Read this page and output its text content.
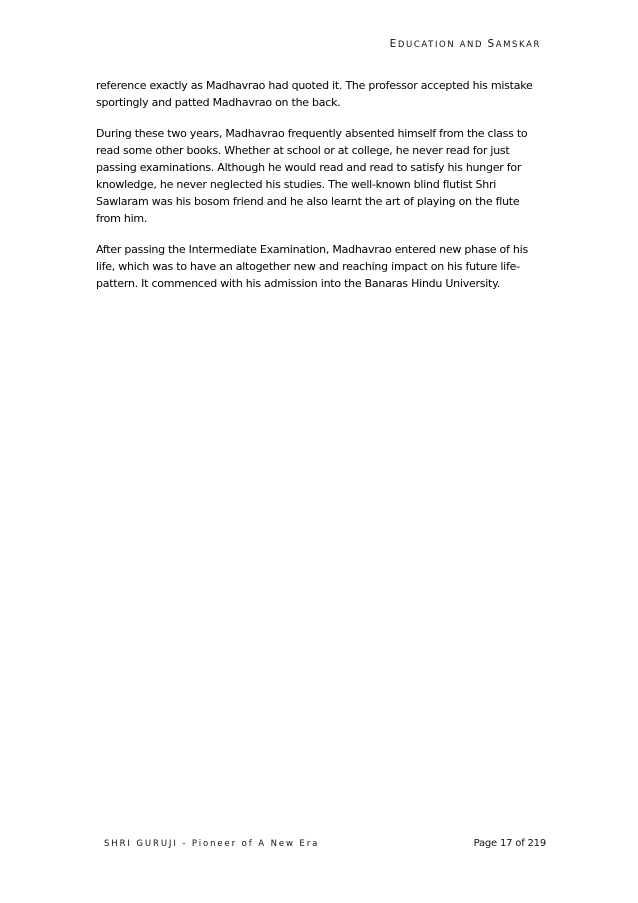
EDUCATION AND SAMSKAR

reference exactly as Madhavrao had quoted it. The professor accepted his mistake sportingly and patted Madhavrao on the back.

During these two years, Madhavrao frequently absented himself from the class to read some other books. Whether at school or at college, he never read for just passing examinations. Although he would read and read to satisfy his hunger for knowledge, he never neglected his studies. The well-known blind flutist Shri Sawlaram was his bosom friend and he also learnt the art of playing on the flute from him.

After passing the Intermediate Examination, Madhavrao entered new phase of his life, which was to have an altogether new and reaching impact on his future life-pattern. It commenced with his admission into the Banaras Hindu University.

SHRI GURUJI - Pioneer of A New Era	Page 17 of 219
